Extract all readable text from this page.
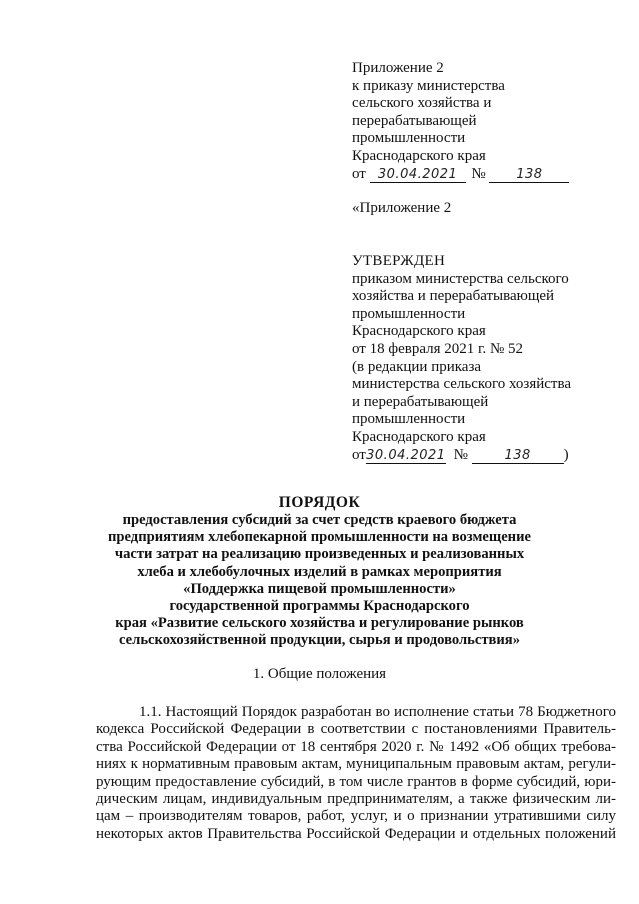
Приложение 2
к приказу министерства
сельского хозяйства и
перерабатывающей
промышленности
Краснодарского края
от 30.04.2021 № 138
«Приложение 2
УТВЕРЖДЕН
приказом министерства сельского
хозяйства и перерабатывающей
промышленности
Краснодарского края
от 18 февраля 2021 г. № 52
(в редакции приказа
министерства сельского хозяйства
и перерабатывающей
промышленности
Краснодарского края
от30.04.2021 №	138 )
ПОРЯДОК
предоставления субсидий за счет средств краевого бюджета
предприятиям хлебопекарной промышленности на возмещение
части затрат на реализацию произведенных и реализованных
хлеба и хлебобулочных изделий в рамках мероприятия
«Поддержка пищевой промышленности»
государственной программы Краснодарского
края «Развитие сельского хозяйства и регулирование рынков
сельскохозяйственной продукции, сырья и продовольствия»
1. Общие положения
1.1. Настоящий Порядок разработан во исполнение статьи 78 Бюджетного
кодекса Российской Федерации в соответствии с постановлениями Правитель-
ства Российской Федерации от 18 сентября 2020 г. № 1492 «Об общих требова-
ниях к нормативным правовым актам, муниципальным правовым актам, регули-
рующим предоставление субсидий, в том числе грантов в форме субсидий, юри-
дическим лицам, индивидуальным предпринимателям, а также физическим ли-
цам – производителям товаров, работ, услуг, и о признании утратившими силу
некоторых актов Правительства Российской Федерации и отдельных положений
